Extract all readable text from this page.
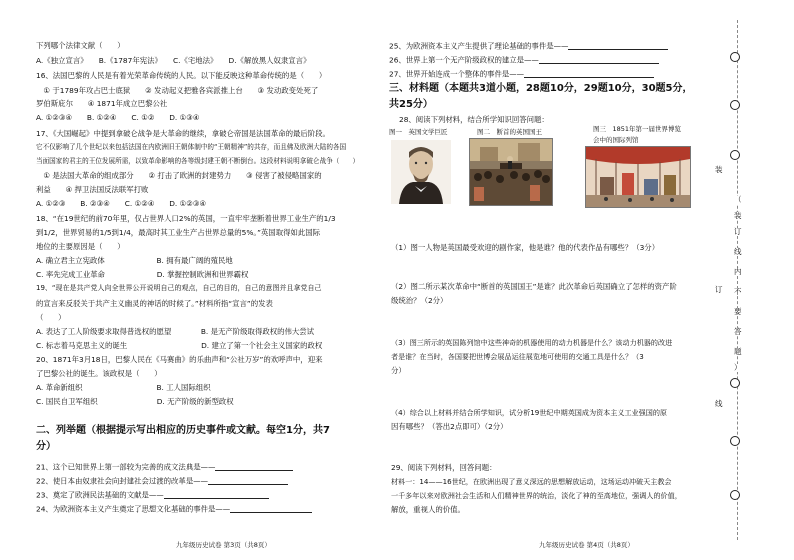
下列哪个法律文献（　　）
A.《独立宣言》　　B.《1787年宪法》　　C.《宅地法》　　D.《解放黑人奴隶宣言》
16、法国巴黎的人民是有着光荣革命传统的人民。以下能反映这种革命传统的是（　　）
　① 于1789年攻占巴士底狱　　② 发动起义把雅各宾派推上台　　③ 发动政变处死了
罗伯斯庇尔　　④ 1871年成立巴黎公社
A. ①②③④　　B. ①②④　　C. ①②　　D. ①③④
17、《大国崛起》中提到拿破仑战争是大革命的继续，拿破仑帝国是法国革命的最后阶段。
它不仅影响了几个世纪以来包括法国在内欧洲旧王朝体制中的“王朝精神”的共存，而且佛及欧洲大陆的各国
当面国家的君主的王位发展所需，以致革命影响的各等级封建王朝不断倒台。这段材料说明拿破仑战争（　　）
　① 是法国大革命的组成部分　　② 打击了欧洲的封建势力　　③ 侵害了被侵略国家的
利益　　④ 捍卫法国反法联军打败
A. ①②③　　B. ②③④　　C. ①②④　　D. ①②③④
18、“在19世纪的前70年里，仅占世界人口2%的英国，一直牢牢垄断着世界工业生产的1/3
到1/2，世界贸易的1/5到1/4，最高时其工业生产占世界总量的5%。”英国取得如此国际
地位的主要原因是（　　）
A. 确立君主立宪政体　　　　　　　B. 拥有最广阔的殖民地
C. 率先完成工业革命　　　　　　　D. 掌握控制欧洲和世界霸权
19、“现在是共产党人向全世界公开说明自己的观点，自己的目的，自己的意图并且拿党自己
的宣言来反驳关于共产主义幽灵的神话的时候了。”材料所指“宣言”的发表
（　　）
A. 表达了工人阶级要求取得普选权的愿望　　　　B. 是无产阶级取得政权的伟大尝试
C. 标志着马克思主义的诞生　　　　　　　　　　D. 建立了第一个社会主义国家的政权
20、1871年3月18日，巴黎人民在《马赛曲》的乐曲声和“公社万岁”的欢呼声中，迎来
了巴黎公社的诞生。该政权是（　　）
A. 革命新组织　　　　　　　　　　B. 工人国际组织
C. 国民自卫军组织　　　　　　　　D. 无产阶级的新型政权
二、列举题（根据提示写出相应的历史事件或文献。每空1分，共7
分）
21、这个已知世界上第一部较为完善的成文法典是——
22、使日本由奴隶社会向封建社会过渡的改革是——
23、奠定了欧洲民法基础的文献是——
24、为欧洲资本主义产生奠定了思想文化基础的事件是——
九年级历史试卷 第3页（共8页）
25、为欧洲资本主义产生提供了理论基础的事件是——
26、世界上第一个无产阶级政权的建立是——
27、世界开始连成一个整体的事件是——
三、材料题（本题共3道小题，28题10分，29题10分，30题5分，
共25分）
28、阅读下列材料，结合所学知识回答问题：
图一　英国文学巨匠	图二　断首的英国国王	图三　1851年第一届世界博览
会中的国际列馆
（1）图一人物是英国最受欢迎的剧作家，他是谁？他的代表作品有哪些？（3分）
（2）图二所示某次革命中“断首的英国国王”是谁？此次革命后英国确立了怎样的资产阶
级统治？（2分）
（3）图三所示的英国陈列馆中这些神奇的机器使用的动力机器是什么？该动力机器的改进
者是谁？在当时，各国要把世博会展品运往展览地可使用的交通工具是什么？（3
分）
（4）综合以上材料并结合所学知识，试分析19世纪中期英国成为资本主义工业强国的原
因有哪些？（答出2点即可）（2分）
29、阅读下列材料，回答问题：
材料一：14——16世纪，在欧洲出现了意义深远的思想解放运动，这场运动冲破天主教会
一千多年以来对欧洲社会生活和人们精神世界的统治，淡化了神的至高地位，强调人的价值，
解放，重视人的价值。
九年级历史试卷 第4页（共8页）
装
（
装
订
线
内
不
要
答
题
）
订
线
